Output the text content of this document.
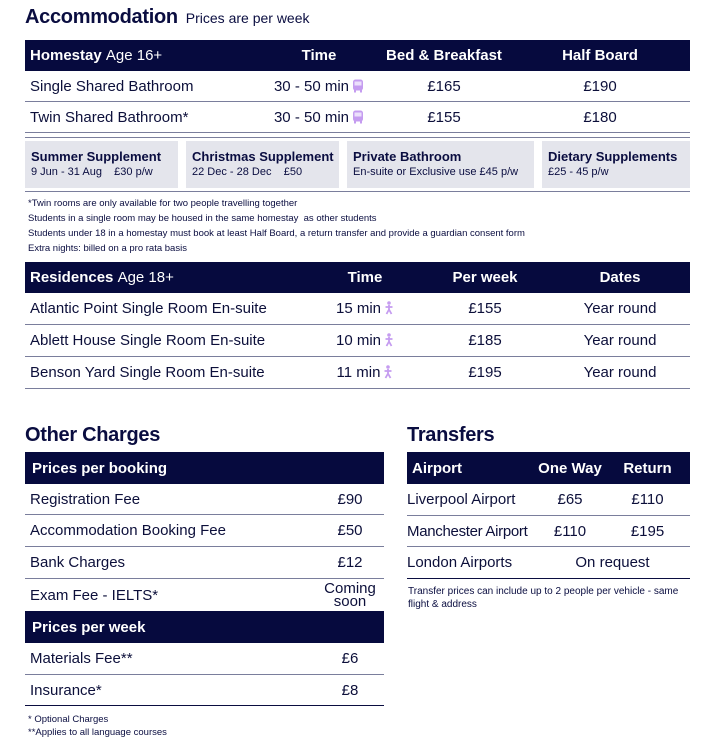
Accommodation Prices are per week
Homestay Age 16+	Time	Bed & Breakfast	Half Board
Single Shared Bathroom	30 - 50 min	£165	£190
Twin Shared Bathroom*	30 - 50 min	£155	£180
Summer Supplement
9 Jun - 31 Aug    £30 p/w
Christmas Supplement
22 Dec - 28 Dec    £50
Private Bathroom
En-suite or Exclusive use £45 p/w
Dietary Supplements
£25 - 45 p/w
*Twin rooms are only available for two people travelling together
Students in a single room may be housed in the same homestay  as other students
Students under 18 in a homestay must book at least Half Board, a return transfer and provide a guardian consent form
Extra nights: billed on a pro rata basis
Residences Age 18+	Time	Per week	Dates
Atlantic Point Single Room En-suite	15 min	£155	Year round
Ablett House Single Room En-suite	10 min	£185	Year round
Benson Yard Single Room En-suite	11 min	£195	Year round
Other Charges
Prices per booking
Registration Fee	£90
Accommodation Booking Fee	£50
Bank Charges	£12
Exam Fee - IELTS*	Coming
soon
Prices per week
Materials Fee**	£6
Insurance*	£8
* Optional Charges
**Applies to all language courses
Transfers
Airport	One Way	Return
Liverpool Airport	£65	£110
Manchester Airport	£110	£195
London Airports	On request
Transfer prices can include up to 2 people per vehicle - same flight & address
